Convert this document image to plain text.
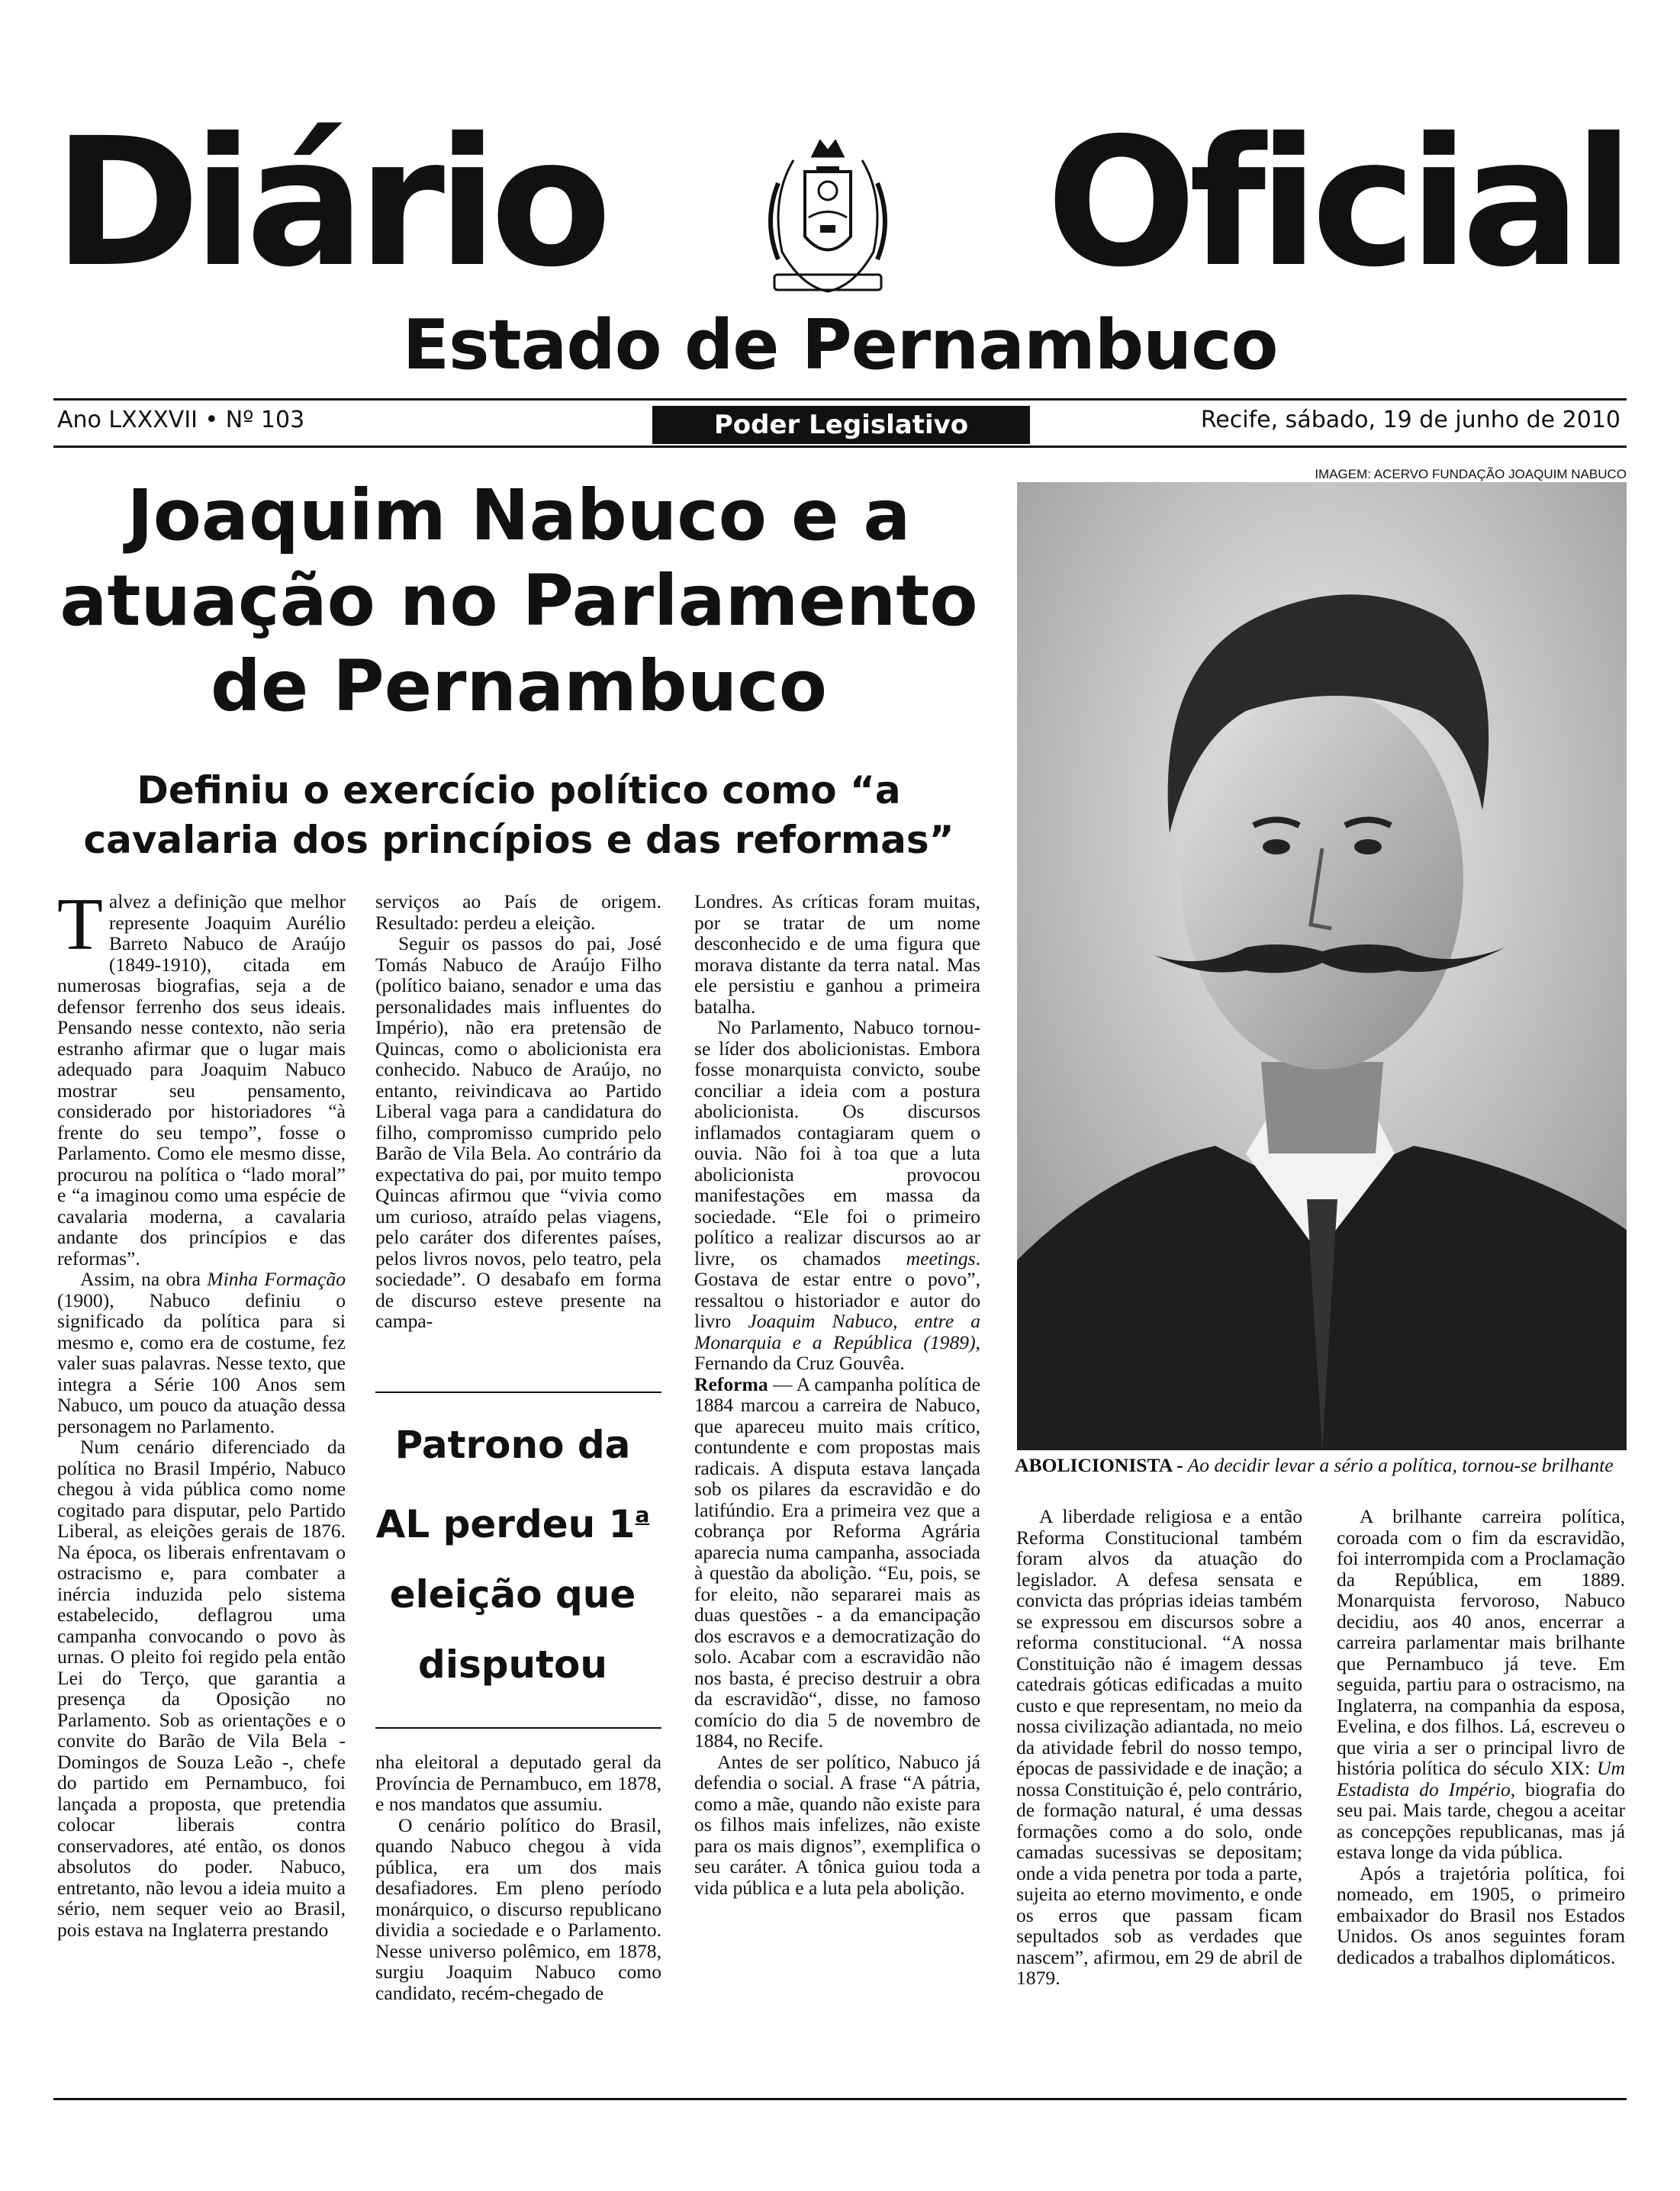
Diário Oficial
Estado de Pernambuco
Ano LXXXVII • Nº 103	Poder Legislativo	Recife, sábado, 19 de junho de 2010
Joaquim Nabuco e a
atuação no Parlamento
de Pernambuco
Definiu o exercício político como “a
cavalaria dos princípios e das reformas”

Talvez a definição que melhor represente Joaquim Aurélio Barreto Nabuco de Araújo (1849-1910), citada em numerosas biografias, seja a de defensor ferrenho dos seus ideais. Pensando nesse contexto, não seria estranho afirmar que o lugar mais adequado para Joaquim Nabuco mostrar seu pensamento, considerado por historiadores “à frente do seu tempo”, fosse o Parlamento. Como ele mesmo disse, procurou na política o “lado moral” e “a imaginou como uma espécie de cavalaria moderna, a cavalaria andante dos princípios e das reformas”.

Assim, na obra Minha Formação (1900), Nabuco definiu o significado da política para si mesmo e, como era de costume, fez valer suas palavras. Nesse texto, que integra a Série 100 Anos sem Nabuco, um pouco da atuação dessa personagem no Parlamento.

Num cenário diferenciado da política no Brasil Império, Nabuco chegou à vida pública como nome cogitado para disputar, pelo Partido Liberal, as eleições gerais de 1876. Na época, os liberais enfrentavam o ostracismo e, para combater a inércia induzida pelo sistema estabelecido, deflagrou uma campanha convocando o povo às urnas. O pleito foi regido pela então Lei do Terço, que garantia a presença da Oposição no Parlamento. Sob as orientações e o convite do Barão de Vila Bela - Domingos de Souza Leão -, chefe do partido em Pernambuco, foi lançada a proposta, que pretendia colocar liberais contra conservadores, até então, os donos absolutos do poder. Nabuco, entretanto, não levou a ideia muito a sério, nem sequer veio ao Brasil, pois estava na Inglaterra prestando

serviços ao País de origem. Resultado: perdeu a eleição.

Seguir os passos do pai, José Tomás Nabuco de Araújo Filho (político baiano, senador e uma das personalidades mais influentes do Império), não era pretensão de Quincas, como o abolicionista era conhecido. Nabuco de Araújo, no entanto, reivindicava ao Partido Liberal vaga para a candidatura do filho, compromisso cumprido pelo Barão de Vila Bela. Ao contrário da expectativa do pai, por muito tempo Quincas afirmou que “vivia como um curioso, atraído pelas viagens, pelo caráter dos diferentes países, pelos livros novos, pelo teatro, pela sociedade”. O desabafo em forma de discurso esteve presente na campa-

Patrono da
AL perdeu 1$^a$
eleição que
disputou

nha eleitoral a deputado geral da Província de Pernambuco, em 1878, e nos mandatos que assumiu.

O cenário político do Brasil, quando Nabuco chegou à vida pública, era um dos mais desafiadores. Em pleno período monárquico, o discurso republicano dividia a sociedade e o Parlamento. Nesse universo polêmico, em 1878, surgiu Joaquim Nabuco como candidato, recém-chegado de

Londres. As críticas foram muitas, por se tratar de um nome desconhecido e de uma figura que morava distante da terra natal. Mas ele persistiu e ganhou a primeira batalha.

No Parlamento, Nabuco tornou-se líder dos abolicionistas. Embora fosse monarquista convicto, soube conciliar a ideia com a postura abolicionista. Os discursos inflamados contagiaram quem o ouvia. Não foi à toa que a luta abolicionista provocou manifestações em massa da sociedade. “Ele foi o primeiro político a realizar discursos ao ar livre, os chamados meetings. Gostava de estar entre o povo”, ressaltou o historiador e autor do livro Joaquim Nabuco, entre a Monarquia e a República (1989), Fernando da Cruz Gouvêa.

Reforma — A campanha política de 1884 marcou a carreira de Nabuco, que apareceu muito mais crítico, contundente e com propostas mais radicais. A disputa estava lançada sob os pilares da escravidão e do latifúndio. Era a primeira vez que a cobrança por Reforma Agrária aparecia numa campanha, associada à questão da abolição. “Eu, pois, se for eleito, não separarei mais as duas questões - a da emancipação dos escravos e a democratização do solo. Acabar com a escravidão não nos basta, é preciso destruir a obra da escravidão“, disse, no famoso comício do dia 5 de novembro de 1884, no Recife.

Antes de ser político, Nabuco já defendia o social. A frase “A pátria, como a mãe, quando não existe para os filhos mais infelizes, não existe para os mais dignos”, exemplifica o seu caráter. A tônica guiou toda a vida pública e a luta pela abolição.

IMAGEM: ACERVO FUNDAÇÃO JOAQUIM NABUCO
ABOLICIONISTA - Ao decidir levar a sério a política, tornou-se brilhante

A liberdade religiosa e a então Reforma Constitucional também foram alvos da atuação do legislador. A defesa sensata e convicta das próprias ideias também se expressou em discursos sobre a reforma constitucional. “A nossa Constituição não é imagem dessas catedrais góticas edificadas a muito custo e que representam, no meio da nossa civilização adiantada, no meio da atividade febril do nosso tempo, épocas de passividade e de inação; a nossa Constituição é, pelo contrário, de formação natural, é uma dessas formações como a do solo, onde camadas sucessivas se depositam; onde a vida penetra por toda a parte, sujeita ao eterno movimento, e onde os erros que passam ficam sepultados sob as verdades que nascem”, afirmou, em 29 de abril de 1879.

A brilhante carreira política, coroada com o fim da escravidão, foi interrompida com a Proclamação da República, em 1889. Monarquista fervoroso, Nabuco decidiu, aos 40 anos, encerrar a carreira parlamentar mais brilhante que Pernambuco já teve. Em seguida, partiu para o ostracismo, na Inglaterra, na companhia da esposa, Evelina, e dos filhos. Lá, escreveu o que viria a ser o principal livro de história política do século XIX: Um Estadista do Império, biografia do seu pai. Mais tarde, chegou a aceitar as concepções republicanas, mas já estava longe da vida pública.

Após a trajetória política, foi nomeado, em 1905, o primeiro embaixador do Brasil nos Estados Unidos. Os anos seguintes foram dedicados a trabalhos diplomáticos.
